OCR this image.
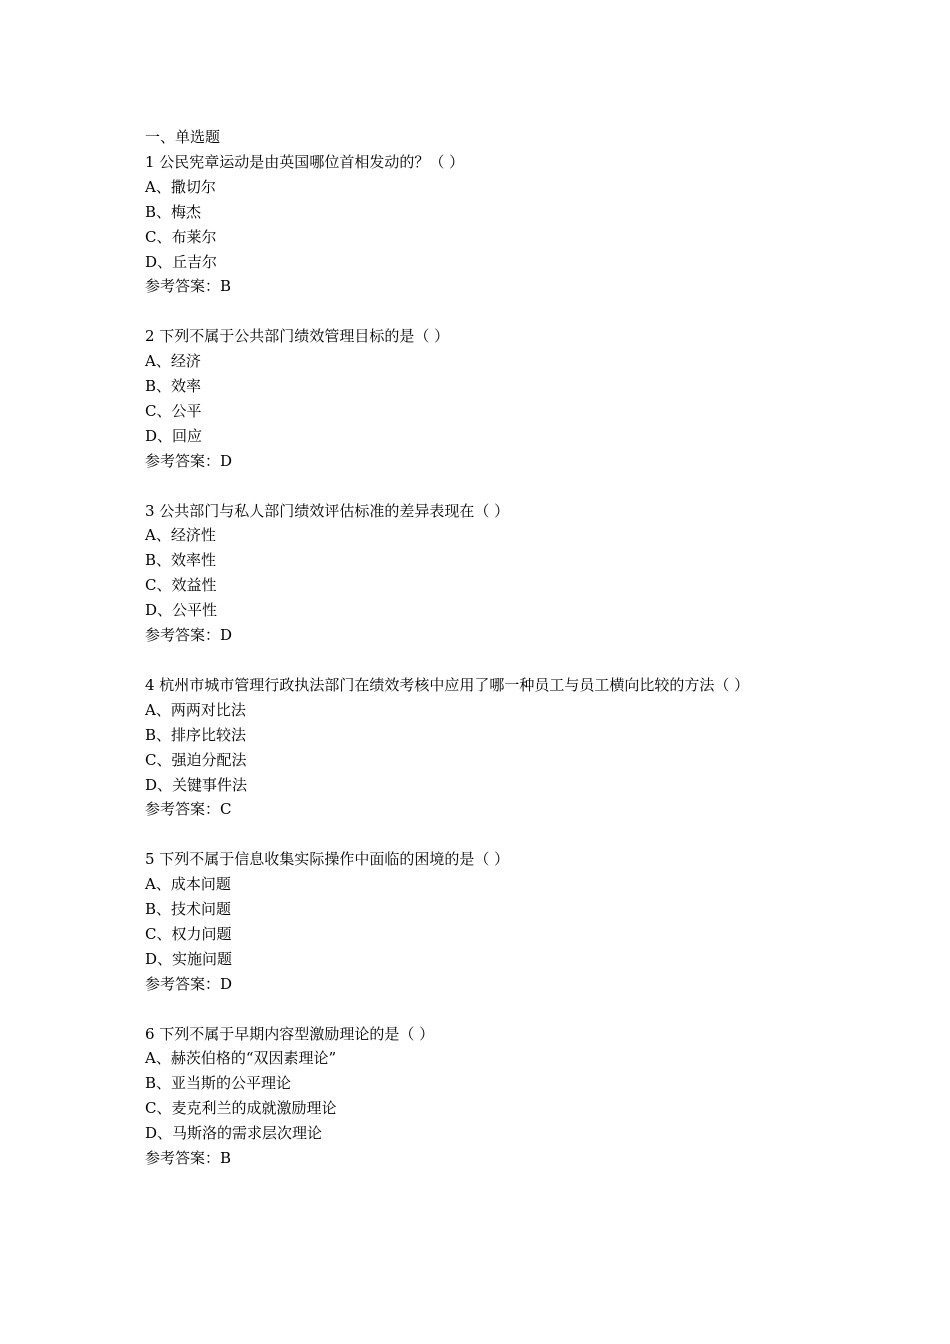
一、单选题
1 公民宪章运动是由英国哪位首相发动的？（ ）
A、撒切尔
B、梅杰
C、布莱尔
D、丘吉尔
参考答案：B
2 下列不属于公共部门绩效管理目标的是（ ）
A、经济
B、效率
C、公平
D、回应
参考答案：D
3 公共部门与私人部门绩效评估标准的差异表现在（ ）
A、经济性
B、效率性
C、效益性
D、公平性
参考答案：D
4 杭州市城市管理行政执法部门在绩效考核中应用了哪一种员工与员工横向比较的方法（ ）
A、两两对比法
B、排序比较法
C、强迫分配法
D、关键事件法
参考答案：C
5 下列不属于信息收集实际操作中面临的困境的是（ ）
A、成本问题
B、技术问题
C、权力问题
D、实施问题
参考答案：D
6 下列不属于早期内容型激励理论的是（ ）
A、赫茨伯格的“双因素理论”
B、亚当斯的公平理论
C、麦克利兰的成就激励理论
D、马斯洛的需求层次理论
参考答案：B
